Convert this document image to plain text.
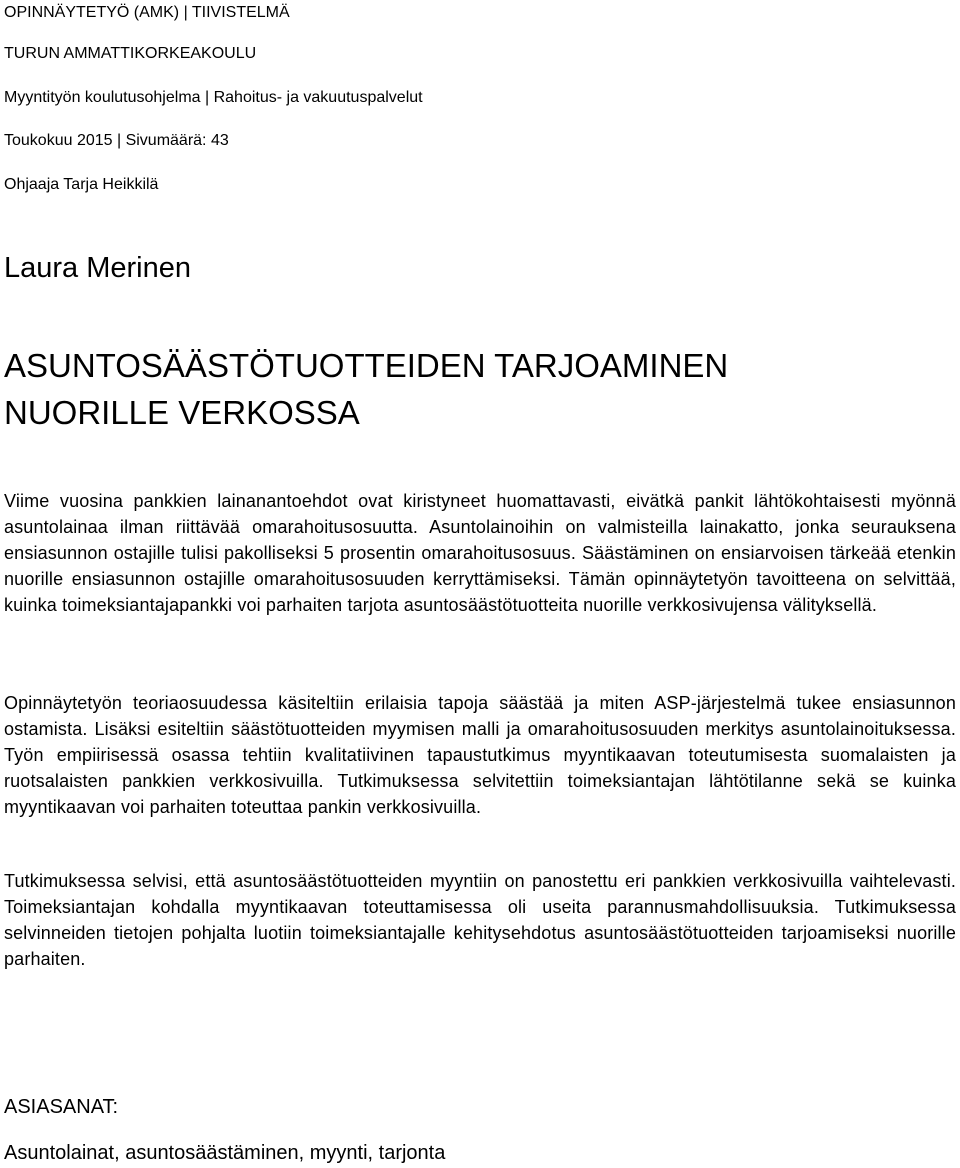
OPINNÄYTETYÖ (AMK) | TIIVISTELMÄ
TURUN AMMATTIKORKEAKOULU
Myyntityön koulutusohjelma | Rahoitus- ja vakuutuspalvelut
Toukokuu 2015 | Sivumäärä: 43
Ohjaaja Tarja Heikkilä
Laura Merinen
ASUNTOSÄÄSTÖTUOTTEIDEN TARJOAMINEN
NUORILLE VERKOSSA
Viime vuosina pankkien lainanantoehdot ovat kiristyneet huomattavasti, eivätkä pankit lähtökohtaisesti myönnä asuntolainaa ilman riittävää omarahoitusosuutta. Asuntolainoihin on valmisteilla lainakatto, jonka seurauksena ensiasunnon ostajille tulisi pakolliseksi 5 prosentin omarahoitusosuus. Säästäminen on ensiarvoisen tärkeää etenkin nuorille ensiasunnon ostajille omarahoitusosuuden kerryttämiseksi. Tämän opinnäytetyön tavoitteena on selvittää, kuinka toimeksiantajapankki voi parhaiten tarjota asuntosäästötuotteita nuorille verkkosivujensa välityksellä.
Opinnäytetyön teoriaosuudessa käsiteltiin erilaisia tapoja säästää ja miten ASP-järjestelmä tukee ensiasunnon ostamista. Lisäksi esiteltiin säästötuotteiden myymisen malli ja omarahoitusosuuden merkitys asuntolainoituksessa. Työn empiirisessä osassa tehtiin kvalitatiivinen tapaustutkimus myyntikaavan toteutumisesta suomalaisten ja ruotsalaisten pankkien verkkosivuilla. Tutkimuksessa selvitettiin toimeksiantajan lähtötilanne sekä se kuinka myyntikaavan voi parhaiten toteuttaa pankin verkkosivuilla.
Tutkimuksessa selvisi, että asuntosäästötuotteiden myyntiin on panostettu eri pankkien verkkosivuilla vaihtelevasti. Toimeksiantajan kohdalla myyntikaavan toteuttamisessa oli useita parannusmahdollisuuksia. Tutkimuksessa selvinneiden tietojen pohjalta luotiin toimeksiantajalle kehitysehdotus asuntosäästötuotteiden tarjoamiseksi nuorille parhaiten.
ASIASANAT:
Asuntolainat, asuntosäästäminen, myynti, tarjonta
